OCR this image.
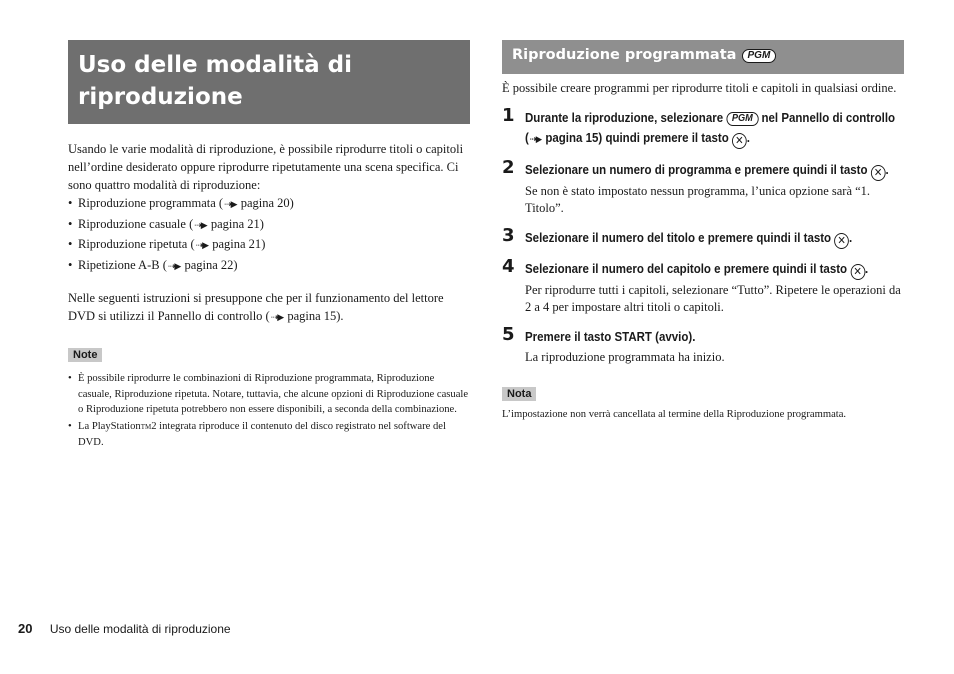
Uso delle modalità di
riproduzione
Usando le varie modalità di riproduzione, è possibile riprodurre titoli o capitoli nell’ordine desiderato oppure riprodurre ripetutamente una scena specifica. Ci sono quattro modalità di riproduzione:
• Riproduzione programmata (⇢▶ pagina 20)
• Riproduzione casuale (⇢▶ pagina 21)
• Riproduzione ripetuta (⇢▶ pagina 21)
• Ripetizione A-B (⇢▶ pagina 22)
Nelle seguenti istruzioni si presuppone che per il funzionamento del lettore DVD si utilizzi il Pannello di controllo (⇢▶ pagina 15).
Note
• È possibile riprodurre le combinazioni di Riproduzione programmata, Riproduzione casuale, Riproduzione ripetuta. Notare, tuttavia, che alcune opzioni di Riproduzione casuale o Riproduzione ripetuta potrebbero non essere disponibili, a seconda della combinazione.
• La PlayStationTM2 integrata riproduce il contenuto del disco registrato nel software del DVD.
Riproduzione programmata PGM
È possibile creare programmi per riprodurre titoli e capitoli in qualsiasi ordine.
1 Durante la riproduzione, selezionare PGM nel Pannello di controllo (⇢▶ pagina 15) quindi premere il tasto ✕ .
2 Selezionare un numero di programma e premere quindi il tasto ✕ .
Se non è stato impostato nessun programma, l’unica opzione sarà “1. Titolo”.
3 Selezionare il numero del titolo e premere quindi il tasto ✕ .
4 Selezionare il numero del capitolo e premere quindi il tasto ✕ .
Per riprodurre tutti i capitoli, selezionare “Tutto”. Ripetere le operazioni da 2 a 4 per impostare altri titoli o capitoli.
5 Premere il tasto START (avvio).
La riproduzione programmata ha inizio.
Nota
L’impostazione non verrà cancellata al termine della Riproduzione programmata.
20 Uso delle modalità di riproduzione
